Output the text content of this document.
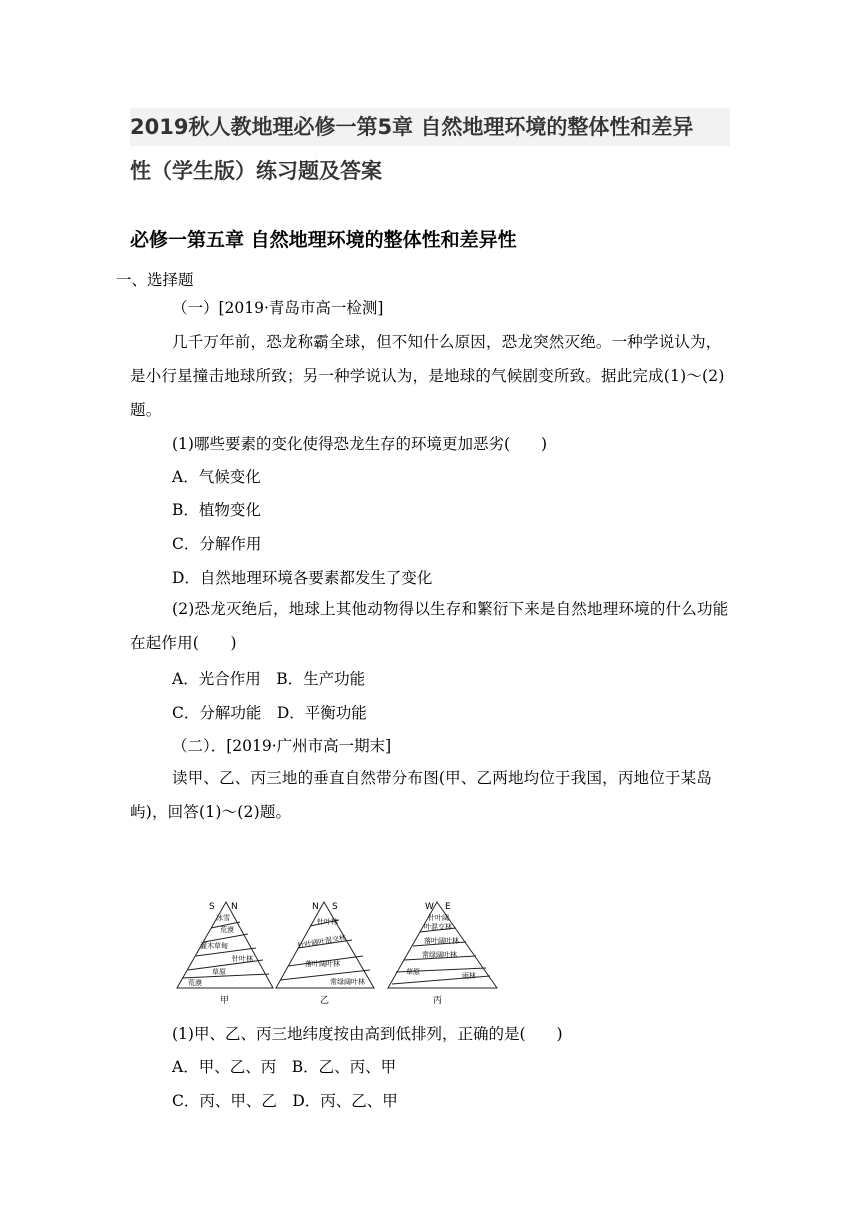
2019秋人教地理必修一第5章 自然地理环境的整体性和差异
性（学生版）练习题及答案
必修一第五章 自然地理环境的整体性和差异性
一、选择题
（一）[2019·青岛市高一检测]
几千万年前，恐龙称霸全球，但不知什么原因，恐龙突然灭绝。一种学说认为，是小行星撞击地球所致；另一种学说认为，是地球的气候剧变所致。据此完成(1)～(2)题。
(1)哪些要素的变化使得恐龙生存的环境更加恶劣(　　)
A．气候变化
B．植物变化
C．分解作用
D．自然地理环境各要素都发生了变化
(2)恐龙灭绝后，地球上其他动物得以生存和繁衍下来是自然地理环境的什么功能在起作用(　　)
A．光合作用　B．生产功能
C．分解功能　D．平衡功能
（二）．[2019·广州市高一期末]
读甲、乙、丙三地的垂直自然带分布图(甲、乙两地均位于我国，丙地位于某岛屿)，回答(1)～(2)题。
S N
冰雪
荒漠
灌木草甸
针叶林
草原
荒漠
甲
N S
针叶林
针叶阔叶混交林
落叶阔叶林
常绿阔叶林
乙
W E
针叶阔
叶混交林
落叶阔叶林
常绿阔叶林
草原	雨林
丙
(1)甲、乙、丙三地纬度按由高到低排列，正确的是(　　)
A．甲、乙、丙　B．乙、丙、甲
C．丙、甲、乙　D．丙、乙、甲
